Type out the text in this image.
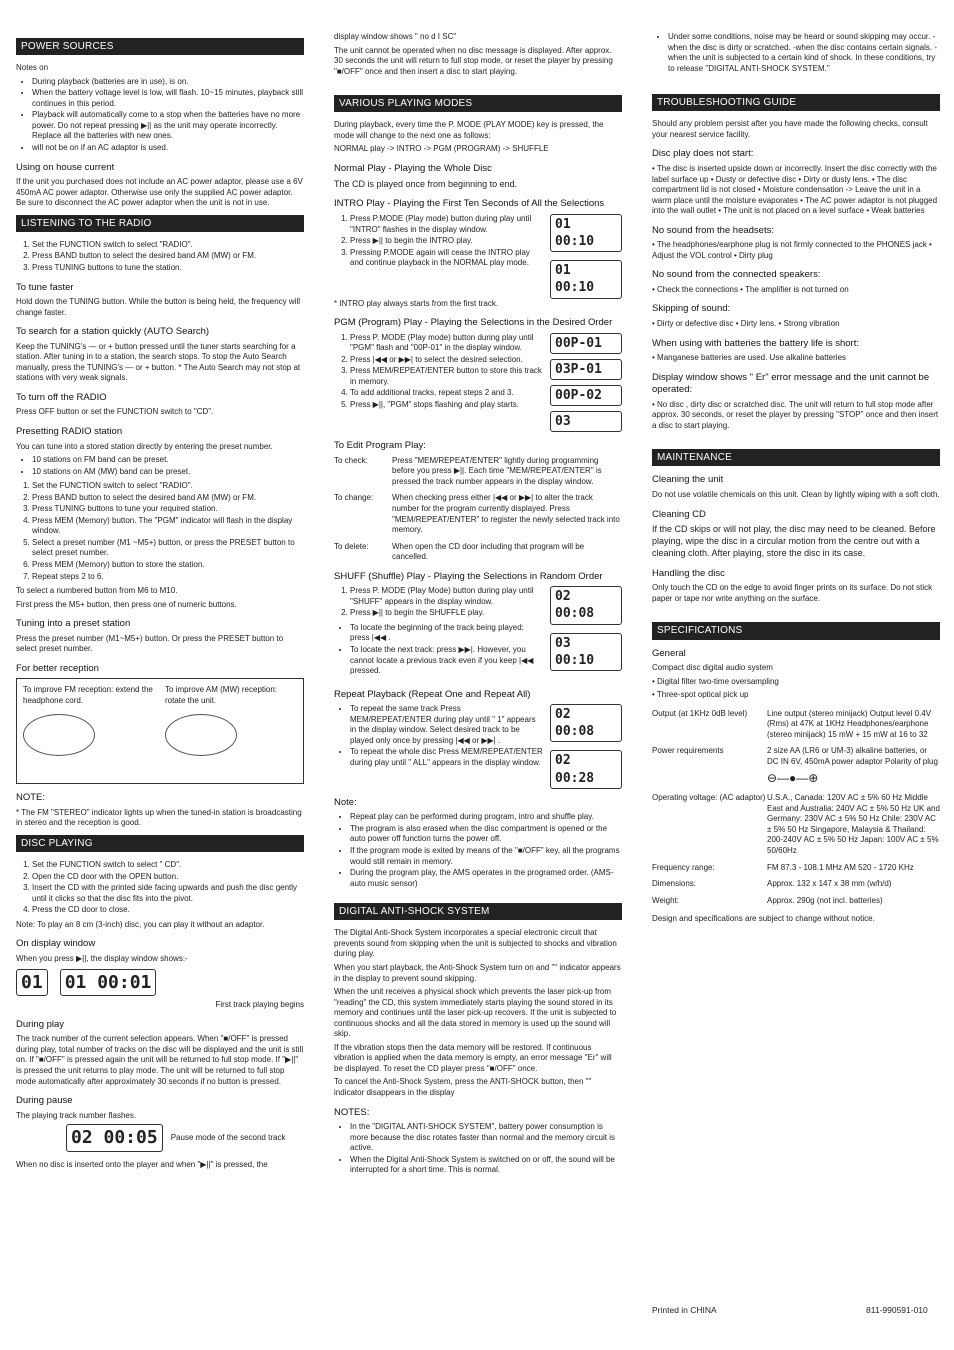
POWER SOURCES

Notes on

• During playback (batteries are in use), is on.
• When the battery voltage level is low, will flash. 10~15 minutes, playback still continues in this period.
• Playback will automatically come to a stop when the batteries have no more power. Do not repeat pressing ▶|| as the unit may operate incorrectly. Replace all the batteries with new ones.
• will not be on if an AC adaptor is used.
Using on house current

If the unit you purchased does not include an AC power adaptor, please use a 6V 450mA AC power adaptor. Otherwise use only the supplied AC power adaptor. Be sure to disconnect the AC power adaptor when the unit is not in use.

LISTENING TO THE RADIO
1. Set the FUNCTION switch to select "RADIO".
2. Press BAND button to select the desired band AM (MW) or FM.
3. Press TUNING buttons to tune the station.
To tune faster

Hold down the TUNING button. While the button is being held, the frequency will change faster.

To search for a station quickly (AUTO Search)

Keep the TUNING's — or + button pressed until the tuner starts searching for a station. After tuning in to a station, the search stops. To stop the Auto Search manually, press the TUNING's — or + button. * The Auto Search may not stop at stations with very weak signals.

To turn off the RADIO

Press OFF button or set the FUNCTION switch to "CD".

Presetting RADIO station

You can tune into a stored station directly by entering the preset number.

• 10 stations on FM band can be preset.
• 10 stations on AM (MW) band can be preset.
1. Set the FUNCTION switch to select "RADIO".
2. Press BAND button to select the desired band AM (MW) or FM.
3. Press TUNING buttons to tune your required station.
4. Press MEM (Memory) button. The "PGM" indicator will flash in the display window.
5. Select a preset number (M1 ~M5+) button, or press the PRESET button to select preset number.
6. Press MEM (Memory) button to store the station.
7. Repeat steps 2 to 6.

To select a numbered button from M6 to M10.

First press the M5+ button, then press one of numeric buttons.

Tuning into a preset station

Press the preset number (M1~M5+) button. Or press the PRESET button to select preset number.

For better reception
To improve FM reception: extend the headphone cord.
To improve AM (MW) reception: rotate the unit.
NOTE:

* The FM "STEREO" indicator lights up when the tuned-in station is broadcasting in stereo and the reception is good.

DISC PLAYING
1. Set the FUNCTION switch to select " CD".
2. Open the CD door with the OPEN button.
3. Insert the CD with the printed side facing upwards and push the disc gently until it clicks so that the disc fits into the pivot.
4. Press the CD door to close.

Note: To play an 8 cm (3-inch) disc, you can play it without an adaptor.

On display window

When you press ▶||, the display window shows:-

01 01 00:01

First track playing begins

During play

The track number of the current selection appears. When "■/OFF" is pressed during play, total number of tracks on the disc will be displayed and the unit is still on. If "■/OFF" is pressed again the unit will be returned to full stop mode. If "▶||" is pressed the unit returns to play mode. The unit will be returned to full stop mode automatically after approximately 30 seconds if no button is pressed.

During pause

The playing track number flashes.

02 00:05	Pause mode of the second track

When no disc is inserted onto the player and when "▶||" is pressed, the

display window shows " no d I SC"

The unit cannot be operated when no disc message is displayed. After approx. 30 seconds the unit will return to full stop mode, or reset the player by pressing "■/OFF" once and then insert a disc to start playing.

VARIOUS PLAYING MODES

During playback, every time the P. MODE (PLAY MODE) key is pressed, the mode will change to the next one as follows:

NORMAL play -> INTRO -> PGM (PROGRAM) -> SHUFFLE

Normal Play - Playing the Whole Disc

The CD is played once from beginning to end.

INTRO Play - Playing the First Ten Seconds of All the Selections
1. Press P.MODE (Play mode) button during play until "INTRO" flashes in the display window.
2. Press ▶|| to begin the INTRO play.
3. Pressing P.MODE again will cease the INTRO play and continue playback in the NORMAL play mode.
01 00:10
01 00:10

* INTRO play always starts from the first track.

PGM (Program) Play - Playing the Selections in the Desired Order
1. Press P. MODE (Play mode) button during play until "PGM" flash and "00P-01" in the display window.
2. Press |◀◀ or ▶▶| to select the desired selection.
3. Press MEM/REPEAT/ENTER button to store this track in memory.
4. To add additional tracks, repeat steps 2 and 3.
5. Press ▶||, "PGM" stops flashing and play starts.
00P-01
03P-01
00P-02
03
To Edit Program Play:
To check:	Press "MEM/REPEAT/ENTER" lightly during programming before you press ▶||. Each time "MEM/REPEAT/ENTER" is pressed the track number appears in the display window.
To change:	When checking press either |◀◀ or ▶▶| to alter the track number for the program currently displayed. Press "MEM/REPEAT/ENTER" to register the newly selected track into memory.
To delete:	When open the CD door including that program will be cancelled.
SHUFF (Shuffle) Play - Playing the Selections in Random Order
1. Press P. MODE (Play Mode) button during play until "SHUFF" appears in the display window.
2. Press ▶|| to begin the SHUFFLE play.
• To locate the beginning of the track being played: press |◀◀ .
• To locate the next track: press ▶▶|. However, you cannot locate a previous track even if you keep |◀◀ pressed.
02 00:08
03 00:10
Repeat Playback (Repeat One and Repeat All)
• To repeat the same track Press MEM/REPEAT/ENTER during play until " 1" appears in the display window. Select desired track to be played only once by pressing |◀◀ or ▶▶| .
• To repeat the whole disc Press MEM/REPEAT/ENTER during play until " ALL" appears in the display window.
02 00:08
02 00:28
Note:
• Repeat play can be performed during program, intro and shuffle play.
• The program is also erased when the disc compartment is opened or the auto power off function turns the power off.
• If the program mode is exited by means of the "■/OFF" key, all the programs would still remain in memory.
• During the program play, the AMS operates in the programed order. (AMS-auto music sensor)
DIGITAL ANTI-SHOCK SYSTEM

The Digital Anti-Shock System incorporates a special electronic circuit that prevents sound from skipping when the unit is subjected to shocks and vibration during play.

When you start playback, the Anti-Shock System turn on and "" indicator appears in the display to prevent sound skipping.

When the unit receives a physical shock which prevents the laser pick-up from "reading" the CD, this system immediately starts playing the sound stored in its memory and continues until the laser pick-up recovers. If the unit is subjected to continuous shocks and all the data stored in memory is used up the sound will skip.

If the vibration stops then the data memory will be restored. If continuous vibration is applied when the data memory is empty, an error message "Er" will be displayed. To reset the CD player press "■/OFF" once.

To cancel the Anti-Shock System, press the ANTI-SHOCK button, then "" indicator disappears in the display

NOTES:
• In the "DIGITAL ANTI-SHOCK SYSTEM", battery power consumption is more because the disc rotates faster than normal and the memory circuit is active.
• When the Digital Anti-Shock System is switched on or off, the sound will be interrupted for a short time. This is normal.
• Under some conditions, noise may be heard or sound skipping may occur. -when the disc is dirty or scratched. -when the disc contains certain signals. -when the unit is subjected to a certain kind of shock. In these conditions, try to release "DIGITAL ANTI-SHOCK SYSTEM."
TROUBLESHOOTING GUIDE

Should any problem persist after you have made the following checks, consult your nearest service facility.

Disc play does not start:

• The disc is inserted upside down or incorrectly. Insert the disc correctly with the label surface up • Dusty or defective disc • Dirty or dusty lens. • The disc compartment lid is not closed • Moisture condensation -> Leave the unit in a warm place until the moisture evaporates • The AC power adaptor is not plugged into the wall outlet • The unit is not placed on a level surface • Weak batteries

No sound from the headsets:

• The headphones/earphone plug is not firmly connected to the PHONES jack • Adjust the VOL control • Dirty plug

No sound from the connected speakers:

• Check the connections • The amplifier is not turned on

Skipping of sound:

• Dirty or defective disc • Dirty lens. • Strong vibration

When using with batteries the battery life is short:

• Manganese batteries are used. Use alkaline batteries

Display window shows " Er" error message and the unit cannot be operated:

• No disc , dirty disc or scratched disc. The unit will return to full stop mode after approx. 30 seconds, or reset the player by pressing "STOP" once and then insert a disc to start playing.

MAINTENANCE
Cleaning the unit

Do not use volatile chemicals on this unit. Clean by lightly wiping with a soft cloth.

Cleaning CD

If the CD skips or will not play, the disc may need to be cleaned. Before playing, wipe the disc in a circular motion from the centre out with a cleaning cloth. After playing, store the disc in its case.

Handling the disc

Only touch the CD on the edge to avoid finger prints on its surface. Do not stick paper or tape nor write anything on the surface.

SPECIFICATIONS
General

Compact disc digital audio system

• Digital filter two-time oversampling

• Three-spot optical pick up

Output (at 1KHz 0dB level)	Line output (stereo minijack) Output level 0.4V (Rms) at 47K at 1KHz Headphones/earphone (stereo minijack) 15 mW + 15 mW at 16 to 32
Power requirements	2 size AA (LR6 or UM-3) alkaline batteries, or DC IN 6V, 450mA power adaptor Polarity of plug
⊖—●—⊕
Operating voltage: (AC adaptor) U.S.A., Canada: 120V AC ± 5% 60 Hz Middle East and Australia: 240V AC ± 5% 50 Hz UK and Germany: 230V AC ± 5% 50 Hz Chile: 230V AC ± 5% 50 Hz Singapore, Malaysia & Thailand: 200-240V AC ± 5% 50 Hz Japan: 100V AC ± 5% 50/60Hz
Frequency range:	FM 87.3 - 108.1 MHz AM 520 - 1720 KHz
Dimensions:	Approx. 132 x 147 x 38 mm (w/h/d)
Weight:	Approx. 290g (not incl. batteries)

Design and specifications are subject to change without notice.

Printed in CHINA	811-990591-010
